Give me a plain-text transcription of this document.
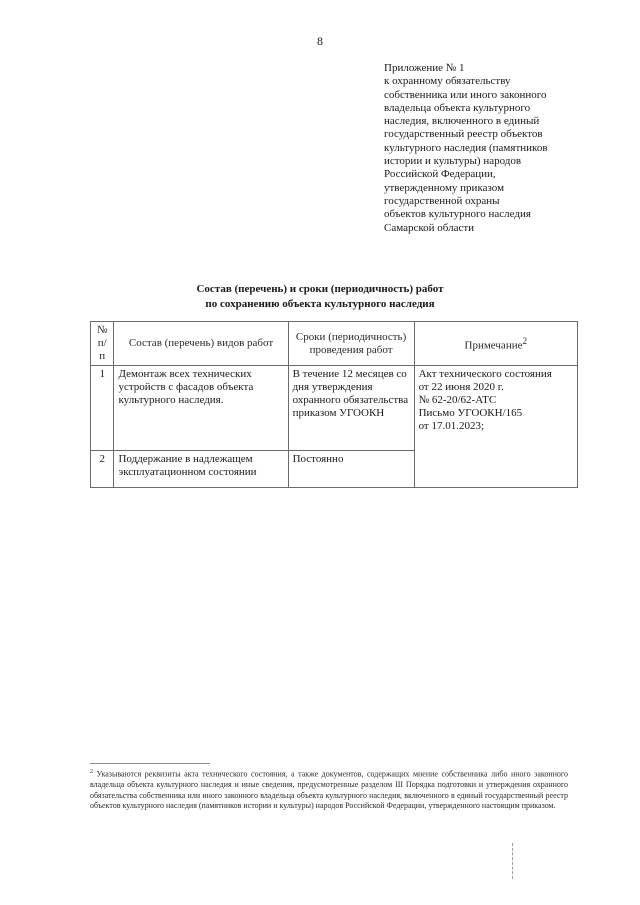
8
Приложение № 1
к охранному обязательству
собственника или иного законного
владельца объекта культурного
наследия, включенного в единый
государственный реестр объектов
культурного наследия (памятников
истории и культуры) народов
Российской Федерации,
утвержденному приказом
государственной охраны
объектов культурного наследия
Самарской области
Состав (перечень) и сроки (периодичность) работ
по сохранению объекта культурного наследия
№ п/п	Состав (перечень) видов работ	Сроки (периодичность) проведения работ	Примечание$^2$
1	Демонтаж всех технических устройств с фасадов объекта культурного наследия.	В течение 12 месяцев со дня утверждения охранного обязательства приказом УГООКН	Акт технического состояния
от 22 июня 2020 г.
№ 62-20/62-АТС
Письмо УГООКН/165
от 17.01.2023;

2	Поддержание в надлежащем эксплуатационном состоянии	Постоянно	
$^2$ Указываются реквизиты акта технического состояния, а также документов, содержащих мнение собственника либо иного законного владельца объекта культурного наследия и иные сведения, предусмотренные разделом III Порядка подготовки и утверждения охранного обязательства собственника или иного законного владельца объекта культурного наследия, включенного в единый государственный реестр объектов культурного наследия (памятников истории и культуры) народов Российской Федерации, утвержденного настоящим приказом.
